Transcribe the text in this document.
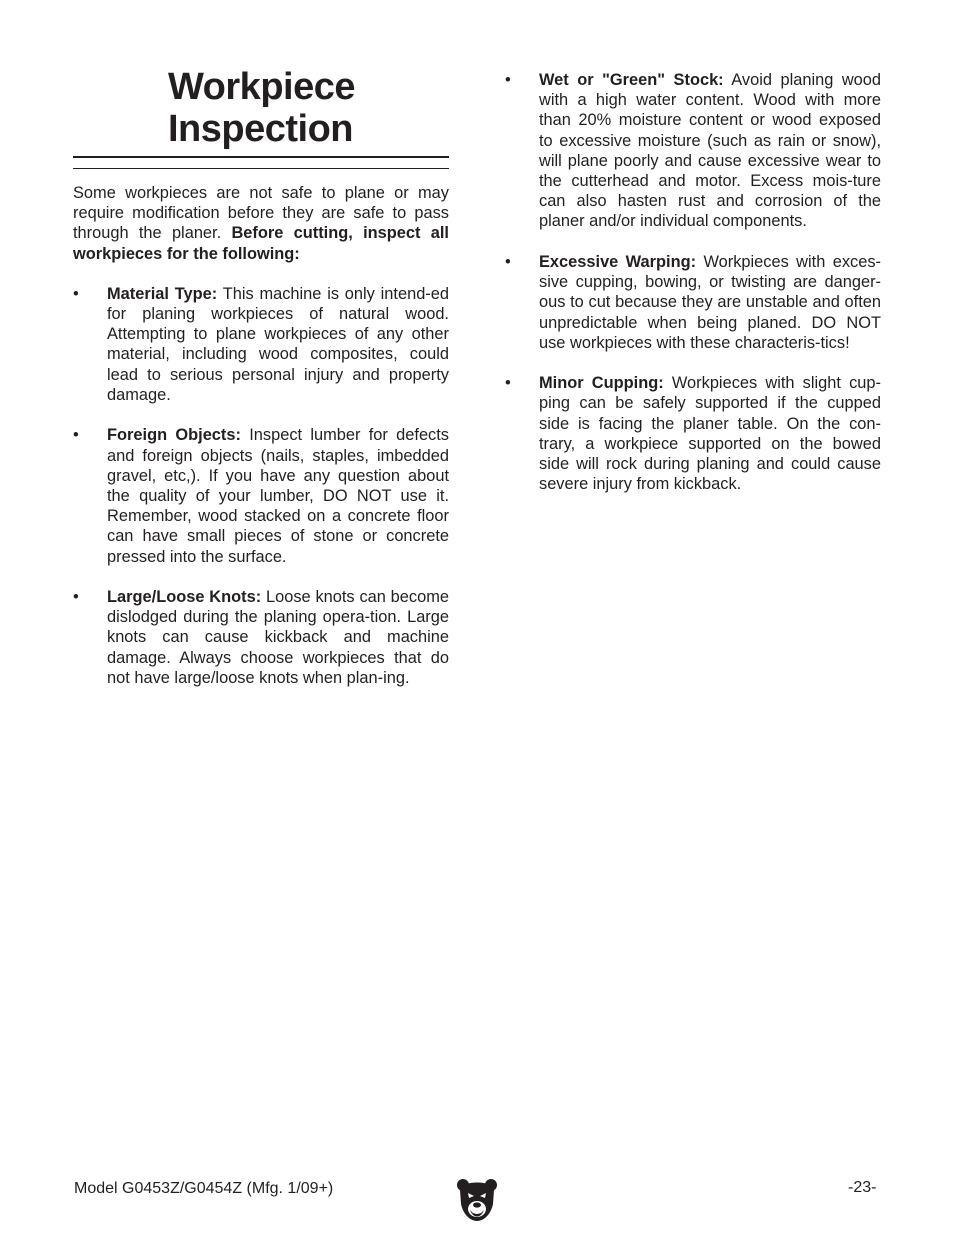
Workpiece
Inspection

Some workpieces are not safe to plane or may require modification before they are safe to pass through the planer. Before cutting, inspect all workpieces for the following:

• Material Type: This machine is only intend-ed for planing workpieces of natural wood. Attempting to plane workpieces of any other material, including wood composites, could lead to serious personal injury and property damage.
• Foreign Objects: Inspect lumber for defects and foreign objects (nails, staples, imbedded gravel, etc,). If you have any question about the quality of your lumber, DO NOT use it. Remember, wood stacked on a concrete floor can have small pieces of stone or concrete pressed into the surface.
• Large/Loose Knots: Loose knots can become dislodged during the planing opera-tion. Large knots can cause kickback and machine damage. Always choose workpieces that do not have large/loose knots when plan-ing.
• Wet or "Green" Stock: Avoid planing wood with a high water content. Wood with more than 20% moisture content or wood exposed to excessive moisture (such as rain or snow), will plane poorly and cause excessive wear to the cutterhead and motor. Excess mois-ture can also hasten rust and corrosion of the planer and/or individual components.
• Excessive Warping: Workpieces with exces-sive cupping, bowing, or twisting are danger-ous to cut because they are unstable and often unpredictable when being planed. DO NOT use workpieces with these characteris-tics!
• Minor Cupping: Workpieces with slight cup-ping can be safely supported if the cupped side is facing the planer table. On the con-trary, a workpiece supported on the bowed side will rock during planing and could cause severe injury from kickback.
Model G0453Z/G0454Z (Mfg. 1/09+)	-23-
